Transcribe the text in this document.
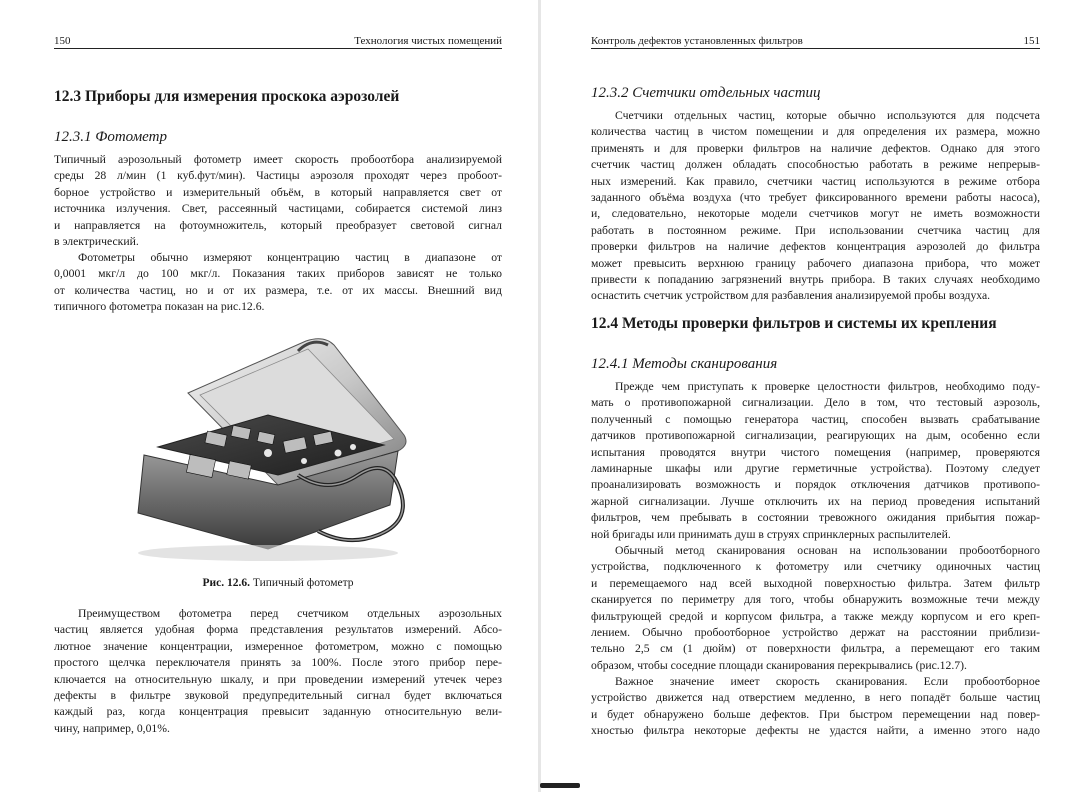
150	Технология чистых помещений
12.3 Приборы для измерения проскока аэрозолей
12.3.1 Фотометр
Типичный аэрозольный фотометр имеет скорость пробоотбора анализируемой
среды 28 л/мин (1 куб.фут/мин). Частицы аэрозоля проходят через пробоот-
борное устройство и измерительный объём, в который направляется свет от
источника излучения. Свет, рассеянный частицами, собирается системой линз
и направляется на фотоумножитель, который преобразует световой сигнал
в электрический.
Фотометры обычно измеряют концентрацию частиц в диапазоне от
0,0001 мкг/л до 100 мкг/л. Показания таких приборов зависят не только
от количества частиц, но и от их размера, т.е. от их массы. Внешний вид
типичного фотометра показан на рис.12.6.
Рис. 12.6. Типичный фотометр
Преимуществом фотометра перед счетчиком отдельных аэрозольных
частиц является удобная форма представления результатов измерений. Абсо-
лютное значение концентрации, измеренное фотометром, можно с помощью
простого щелчка переключателя принять за 100%. После этого прибор пере-
ключается на относительную шкалу, и при проведении измерений утечек через
дефекты в фильтре звуковой предупредительный сигнал будет включаться
каждый раз, когда концентрация превысит заданную относительную вели-
чину, например, 0,01%.
Контроль дефектов установленных фильтров	151
12.3.2 Счетчики отдельных частиц
Счетчики отдельных частиц, которые обычно используются для подсчета
количества частиц в чистом помещении и для определения их размера, можно
применять и для проверки фильтров на наличие дефектов. Однако для этого
счетчик частиц должен обладать способностью работать в режиме непрерыв-
ных измерений. Как правило, счетчики частиц используются в режиме отбора
заданного объёма воздуха (что требует фиксированного времени работы насоса),
и, следовательно, некоторые модели счетчиков могут не иметь возможности
работать в постоянном режиме. При использовании счетчика частиц для
проверки фильтров на наличие дефектов концентрация аэрозолей до фильтра
может превысить верхнюю границу рабочего диапазона прибора, что может
привести к попаданию загрязнений внутрь прибора. В таких случаях необходимо
оснастить счетчик устройством для разбавления анализируемой пробы воздуха.
12.4 Методы проверки фильтров и системы их крепления
12.4.1 Методы сканирования
Прежде чем приступать к проверке целостности фильтров, необходимо поду-
мать о противопожарной сигнализации. Дело в том, что тестовый аэрозоль,
полученный с помощью генератора частиц, способен вызвать срабатывание
датчиков противопожарной сигнализации, реагирующих на дым, особенно если
испытания проводятся внутри чистого помещения (например, проверяются
ламинарные шкафы или другие герметичные устройства). Поэтому следует
проанализировать возможность и порядок отключения датчиков противопо-
жарной сигнализации. Лучше отключить их на период проведения испытаний
фильтров, чем пребывать в состоянии тревожного ожидания прибытия пожар-
ной бригады или принимать душ в струях спринклерных распылителей.
Обычный метод сканирования основан на использовании пробоотборного
устройства, подключенного к фотометру или счетчику одиночных частиц
и перемещаемого над всей выходной поверхностью фильтра. Затем фильтр
сканируется по периметру для того, чтобы обнаружить возможные течи между
фильтрующей средой и корпусом фильтра, а также между корпусом и его креп-
лением. Обычно пробоотборное устройство держат на расстоянии приблизи-
тельно 2,5 см (1 дюйм) от поверхности фильтра, а перемещают его таким
образом, чтобы соседние площади сканирования перекрывались (рис.12.7).
Важное значение имеет скорость сканирования. Если пробоотборное
устройство движется над отверстием медленно, в него попадёт больше частиц
и будет обнаружено больше дефектов. При быстром перемещении над повер-
хностью фильтра некоторые дефекты не удастся найти, а именно этого надо
